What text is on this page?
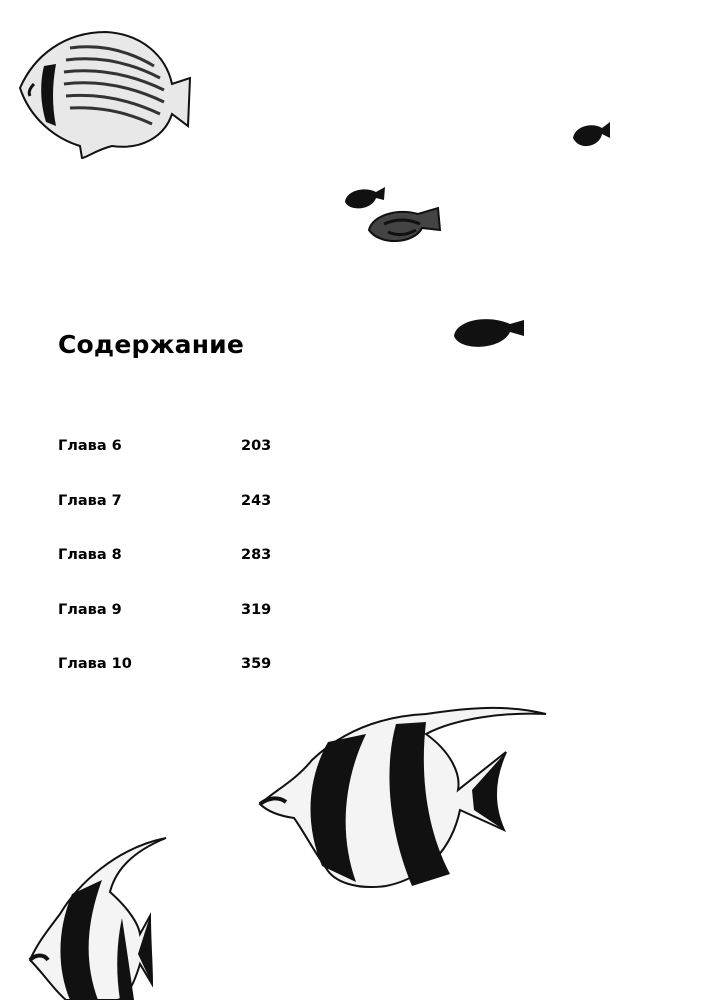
Содержание
Глава 6	203
Глава 7	243
Глава 8	283
Глава 9	319
Глава 10	359
